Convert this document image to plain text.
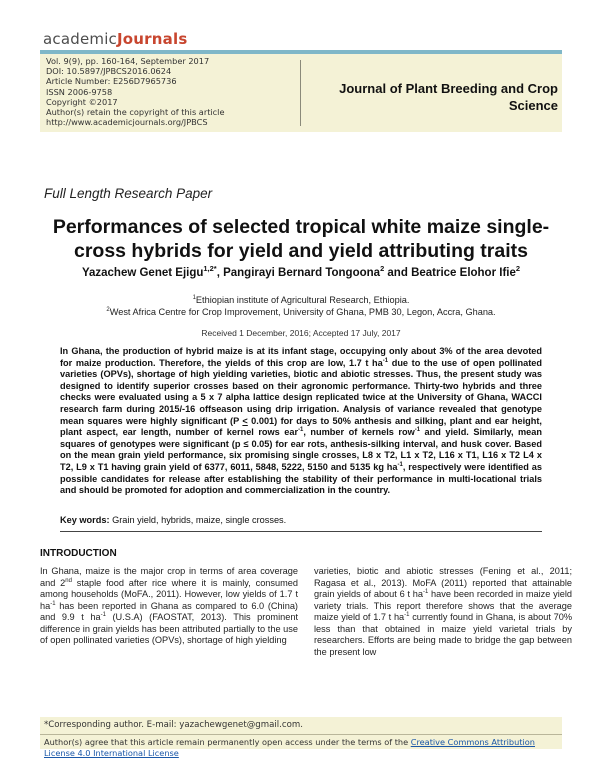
academicJournals
Vol. 9(9), pp. 160-164, September 2017
DOI: 10.5897/JPBCS2016.0624
Article Number: E256D7965736
ISSN 2006-9758
Copyright ©2017
Author(s) retain the copyright of this article
http://www.academicjournals.org/JPBCS
Journal of Plant Breeding and Crop Science
Full Length Research Paper
Performances of selected tropical white maize single-cross hybrids for yield and yield attributing traits
Yazachew Genet Ejigu$^{1,2*}$, Pangirayi Bernard Tongoona$^2$ and Beatrice Elohor Ifie$^2$
$^1$Ethiopian institute of Agricultural Research, Ethiopia.
$^2$West Africa Centre for Crop Improvement, University of Ghana, PMB 30, Legon, Accra, Ghana.
Received 1 December, 2016; Accepted 17 July, 2017
In Ghana, the production of hybrid maize is at its infant stage, occupying only about 3% of the area devoted for maize production. Therefore, the yields of this crop are low, 1.7 t $ha^{-1}$ due to the use of open pollinated varieties (OPVs), shortage of high yielding varieties, biotic and abiotic stresses. Thus, the present study was designed to identify superior crosses based on their agronomic performance. Thirty-two hybrids and three checks were evaluated using a 5 x 7 alpha lattice design replicated twice at the University of Ghana, WACCI research farm during 2015/-16 offseason using drip irrigation. Analysis of variance revealed that genotype mean squares were highly significant (P < 0.001) for days to 50% anthesis and silking, plant and ear height, plant aspect, ear length, number of kernel rows ear$^{-1}$, number of kernels row$^{-1}$ and yield. Similarly, mean squares of genotypes were significant (p ≤ 0.05) for ear rots, anthesis-silking interval, and husk cover. Based on the mean grain yield performance, six promising single crosses, L8 x T2, L1 x T2, L16 x T1, L16 x T2 L4 x T2, L9 x T1 having grain yield of 6377, 6011, 5848, 5222, 5150 and 5135 kg $ha^{-1}$, respectively were identified as possible candidates for release after establishing the stability of their performance in multi-locational trials and should be promoted for adoption and commercialization in the country.
Key words: Grain yield, hybrids, maize, single crosses.
INTRODUCTION
In Ghana, maize is the major crop in terms of area coverage and 2nd staple food after rice where it is mainly, consumed among households (MoFA., 2011). However, low yields of 1.7 t $ha^{-1}$ has been reported in Ghana as compared to 6.0 (China) and 9.9 t $ha^{-1}$ (U.S.A) (FAOSTAT, 2013). This prominent difference in grain yields has been attributed partially to the use of open pollinated varieties (OPVs), shortage of high yielding
varieties, biotic and abiotic stresses (Fening et al., 2011; Ragasa et al., 2013). MoFA (2011) reported that attainable grain yields of about 6 t $ha^{-1}$ have been recorded in maize yield variety trials. This report therefore shows that the average maize yield of 1.7 t $ha^{-1}$ currently found in Ghana, is about 70% less than that obtained in maize yield varietal trials by researchers. Efforts are being made to bridge the gap between the present low
*Corresponding author. E-mail: yazachewgenet@gmail.com.
Author(s) agree that this article remain permanently open access under the terms of the Creative Commons Attribution License 4.0 International License
